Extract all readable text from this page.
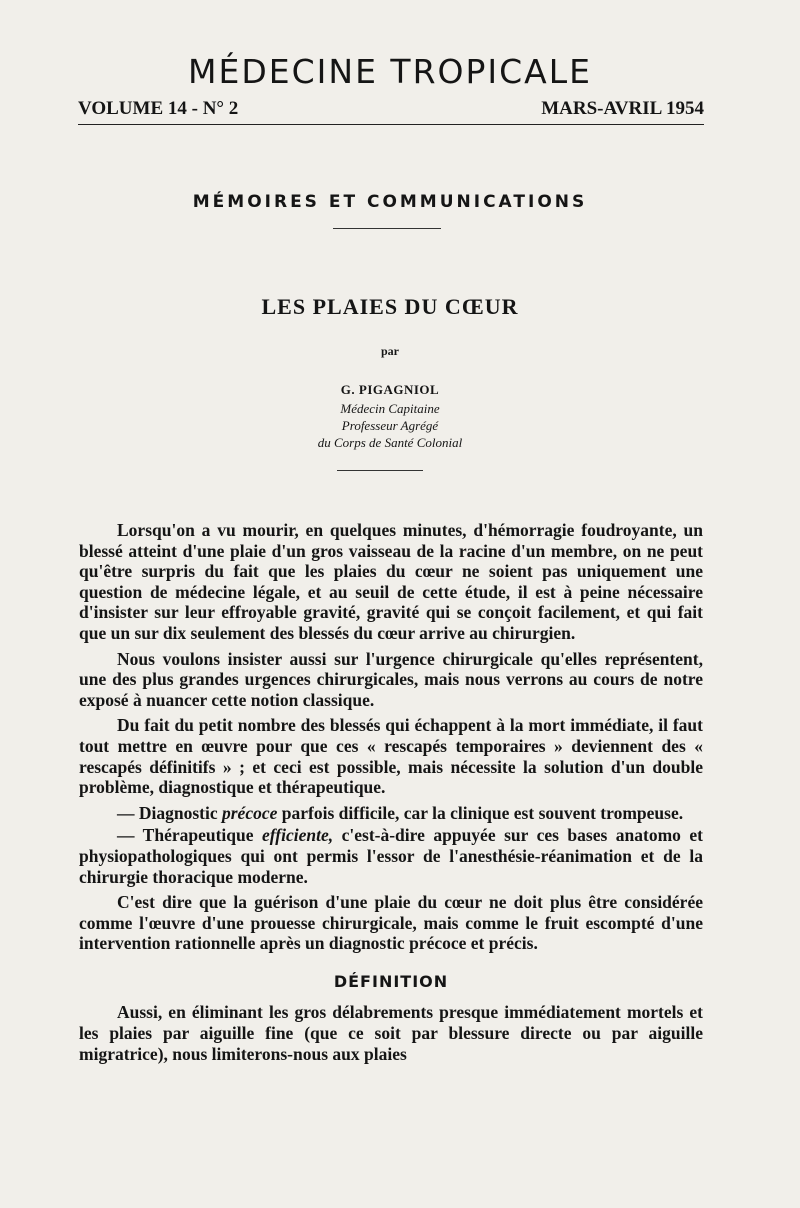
MÉDECINE TROPICALE
VOLUME 14 - N° 2	MARS-AVRIL 1954
MÉMOIRES ET COMMUNICATIONS
LES PLAIES DU CŒUR
par
G. PIGAGNIOL
Médecin Capitaine
Professeur Agrégé
du Corps de Santé Colonial

Lorsqu'on a vu mourir, en quelques minutes, d'hémorragie foudroyante, un blessé atteint d'une plaie d'un gros vaisseau de la racine d'un membre, on ne peut qu'être surpris du fait que les plaies du cœur ne soient pas uniquement une question de médecine légale, et au seuil de cette étude, il est à peine nécessaire d'insister sur leur effroyable gravité, gravité qui se conçoit facilement, et qui fait que un sur dix seulement des blessés du cœur arrive au chirurgien.

Nous voulons insister aussi sur l'urgence chirurgicale qu'elles représentent, une des plus grandes urgences chirurgicales, mais nous verrons au cours de notre exposé à nuancer cette notion classique.

Du fait du petit nombre des blessés qui échappent à la mort immédiate, il faut tout mettre en œuvre pour que ces « rescapés temporaires » deviennent des « rescapés définitifs » ; et ceci est possible, mais nécessite la solution d'un double problème, diagnostique et thérapeutique.

— Diagnostic précoce parfois difficile, car la clinique est souvent trompeuse.

— Thérapeutique efficiente, c'est-à-dire appuyée sur ces bases anatomo et physiopathologiques qui ont permis l'essor de l'anesthésie-réanimation et de la chirurgie thoracique moderne.

C'est dire que la guérison d'une plaie du cœur ne doit plus être considérée comme l'œuvre d'une prouesse chirurgicale, mais comme le fruit escompté d'une intervention rationnelle après un diagnostic précoce et précis.

DÉFINITION

Aussi, en éliminant les gros délabrements presque immédiatement mortels et les plaies par aiguille fine (que ce soit par blessure directe ou par aiguille migratrice), nous limiterons-nous aux plaies
